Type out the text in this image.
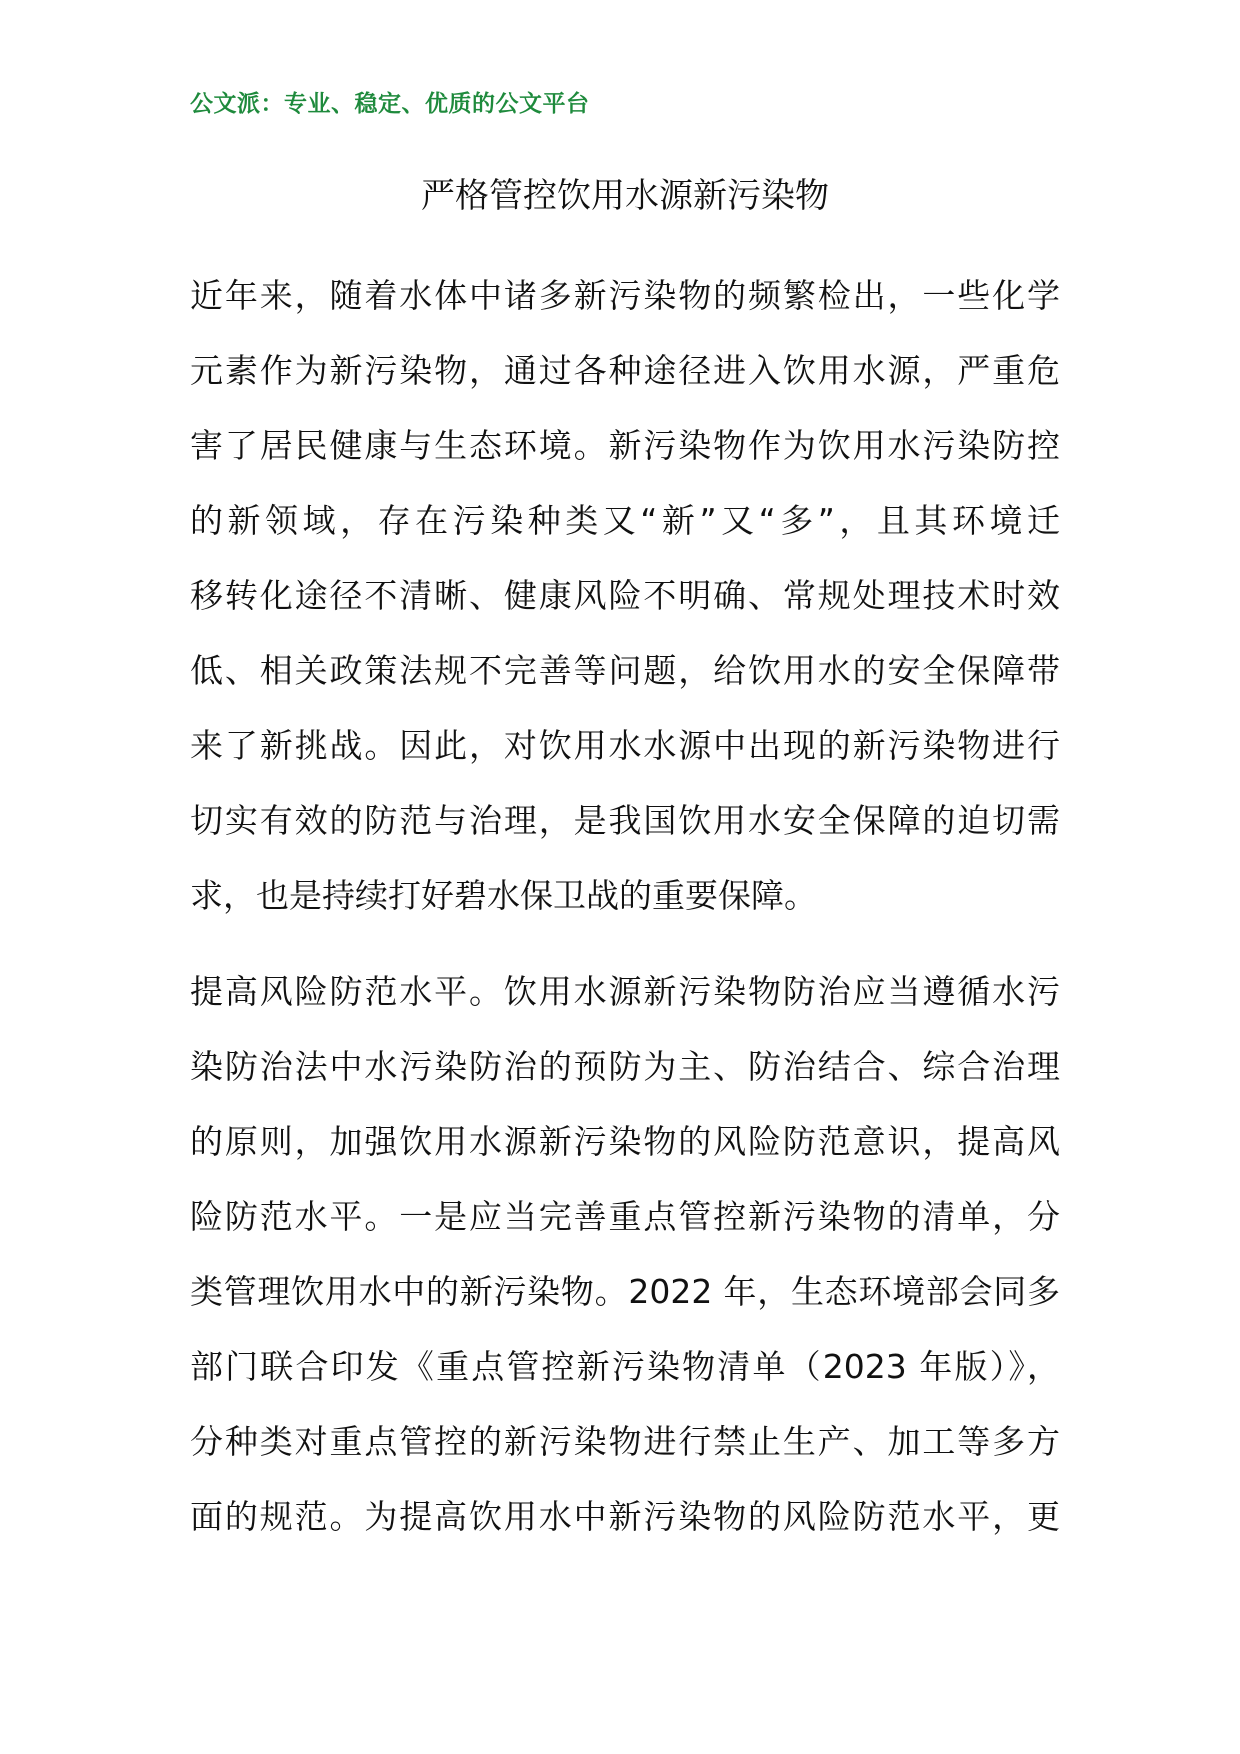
公文派：专业、稳定、优质的公文平台
严格管控饮用水源新污染物
近年来，随着水体中诸多新污染物的频繁检出，一些化学
元素作为新污染物，通过各种途径进入饮用水源，严重危
害了居民健康与生态环境。新污染物作为饮用水污染防控
的新领域，存在污染种类又“新”又“多”，且其环境迁
移转化途径不清晰、健康风险不明确、常规处理技术时效
低、相关政策法规不完善等问题，给饮用水的安全保障带
来了新挑战。因此，对饮用水水源中出现的新污染物进行
切实有效的防范与治理，是我国饮用水安全保障的迫切需
求，也是持续打好碧水保卫战的重要保障。
提高风险防范水平。饮用水源新污染物防治应当遵循水污
染防治法中水污染防治的预防为主、防治结合、综合治理
的原则，加强饮用水源新污染物的风险防范意识，提高风
险防范水平。一是应当完善重点管控新污染物的清单，分
类管理饮用水中的新污染物。2022 年，生态环境部会同多
部门联合印发《重点管控新污染物清单（2023 年版）》，
分种类对重点管控的新污染物进行禁止生产、加工等多方
面的规范。为提高饮用水中新污染物的风险防范水平，更
